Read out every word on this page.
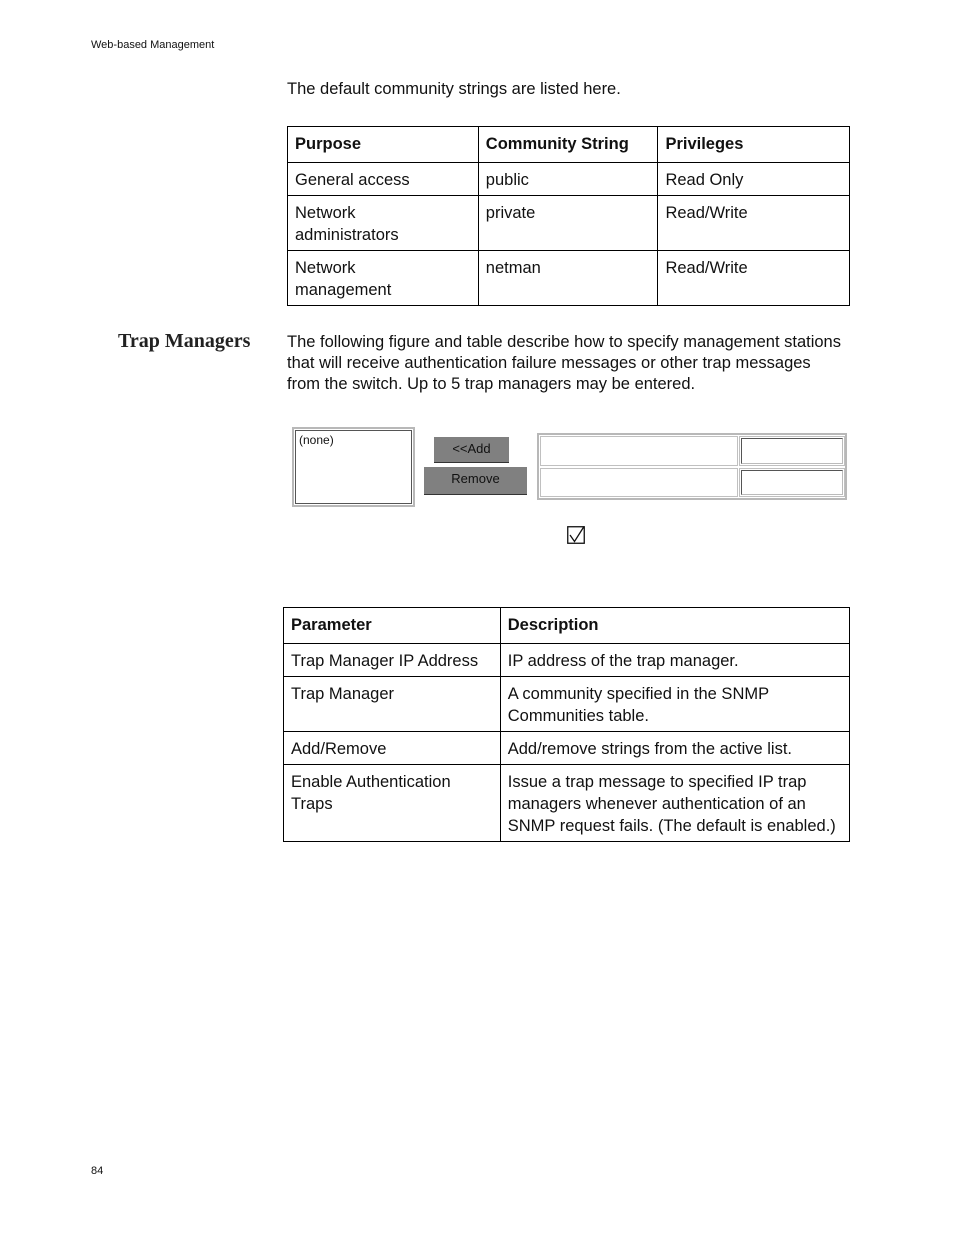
Web-based Management
The default community strings are listed here.
Purpose	Community String	Privileges
General access	public	Read Only
Network administrators	private	Read/Write
Network management	netman	Read/Write
Trap Managers The following figure and table describe how to specify management stations that will receive authentication failure messages or other trap messages from the switch. Up to 5 trap managers may be entered.
(none)
<<Add
Remove
Parameter	Description
Trap Manager IP Address	IP address of the trap manager.
Trap Manager	A community specified in the SNMP Communities table.
Add/Remove	Add/remove strings from the active list.
Enable Authentication Traps	Issue a trap message to specified IP trap managers whenever authentication of an SNMP request fails. (The default is enabled.)
84
